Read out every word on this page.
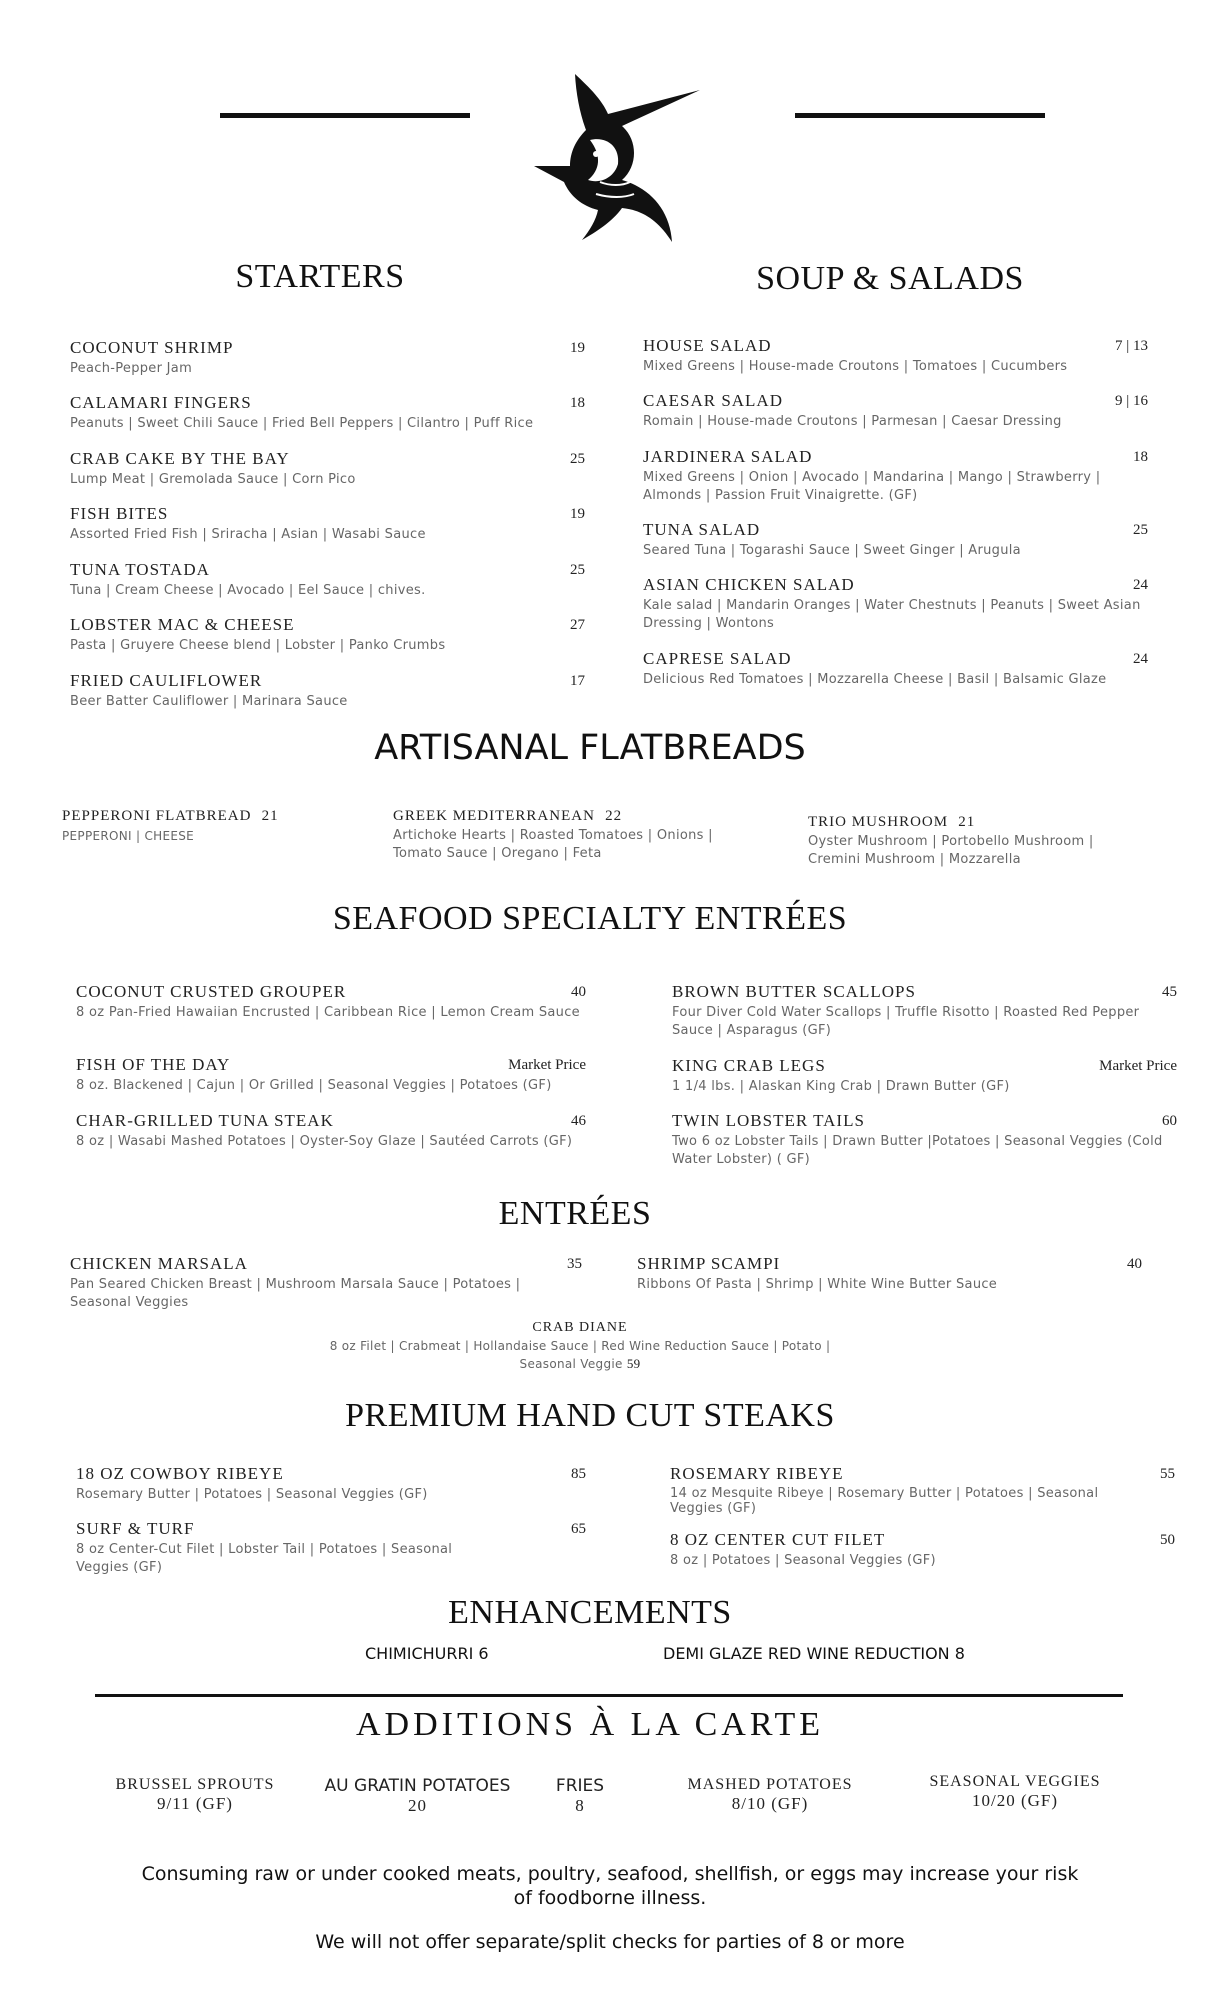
STARTERS
COCONUT SHRIMP	19
Peach-Pepper Jam
CALAMARI FINGERS	18
Peanuts | Sweet Chili Sauce | Fried Bell Peppers | Cilantro | Puff Rice
CRAB CAKE BY THE BAY	25
Lump Meat | Gremolada Sauce | Corn Pico
FISH BITES	19
Assorted Fried Fish | Sriracha | Asian | Wasabi Sauce
TUNA TOSTADA	25
Tuna | Cream Cheese | Avocado | Eel Sauce | chives.
LOBSTER MAC & CHEESE	27
Pasta | Gruyere Cheese blend | Lobster | Panko Crumbs
FRIED CAULIFLOWER	17
Beer Batter Cauliflower | Marinara Sauce
SOUP & SALADS
HOUSE SALAD	7 | 13
Mixed Greens | House-made Croutons | Tomatoes | Cucumbers
CAESAR SALAD	9 | 16
Romain | House-made Croutons | Parmesan | Caesar Dressing
JARDINERA SALAD	18
Mixed Greens | Onion | Avocado | Mandarina | Mango | Strawberry | Almonds | Passion Fruit Vinaigrette. (GF)
TUNA SALAD	25
Seared Tuna | Togarashi Sauce | Sweet Ginger | Arugula
ASIAN CHICKEN SALAD	24
Kale salad | Mandarin Oranges | Water Chestnuts | Peanuts | Sweet Asian Dressing | Wontons
CAPRESE SALAD	24
Delicious Red Tomatoes | Mozzarella Cheese | Basil | Balsamic Glaze
ARTISANAL FLATBREADS
PEPPERONI FLATBREAD 21
PEPPERONI | CHEESE
GREEK MEDITERRANEAN 22
Artichoke Hearts | Roasted Tomatoes | Onions | Tomato Sauce | Oregano | Feta
TRIO MUSHROOM 21
Oyster Mushroom | Portobello Mushroom | Cremini Mushroom | Mozzarella
SEAFOOD SPECIALTY ENTRÉES
COCONUT CRUSTED GROUPER	40
8 oz Pan-Fried Hawaiian Encrusted | Caribbean Rice | Lemon Cream Sauce
FISH OF THE DAY	Market Price
8 oz. Blackened | Cajun | Or Grilled | Seasonal Veggies | Potatoes (GF)
CHAR-GRILLED TUNA STEAK	46
8 oz | Wasabi Mashed Potatoes | Oyster-Soy Glaze | Sautéed Carrots (GF)
BROWN BUTTER SCALLOPS	45
Four Diver Cold Water Scallops | Truffle Risotto | Roasted Red Pepper Sauce | Asparagus (GF)
KING CRAB LEGS	Market Price
1 1/4 lbs. | Alaskan King Crab | Drawn Butter (GF)
TWIN LOBSTER TAILS	60
Two 6 oz Lobster Tails | Drawn Butter |Potatoes | Seasonal Veggies (Cold Water Lobster) ( GF)
ENTRÉES
CHICKEN MARSALA	35
Pan Seared Chicken Breast | Mushroom Marsala Sauce | Potatoes | Seasonal Veggies
SHRIMP SCAMPI	40
Ribbons Of Pasta | Shrimp | White Wine Butter Sauce
CRAB DIANE
8 oz Filet | Crabmeat | Hollandaise Sauce | Red Wine Reduction Sauce | Potato | Seasonal Veggie 59
PREMIUM HAND CUT STEAKS
18 OZ COWBOY RIBEYE	85
Rosemary Butter | Potatoes | Seasonal Veggies (GF)
SURF & TURF	65
8 oz Center-Cut Filet | Lobster Tail | Potatoes | Seasonal Veggies (GF)
ROSEMARY RIBEYE	55
14 oz Mesquite Ribeye | Rosemary Butter | Potatoes | Seasonal Veggies (GF)
8 OZ CENTER CUT FILET	50
8 oz | Potatoes | Seasonal Veggies (GF)
ENHANCEMENTS
CHIMICHURRI 6	DEMI GLAZE RED WINE REDUCTION 8
ADDITIONS À LA CARTE
BRUSSEL SPROUTS
9/11 (GF)
AU GRATIN POTATOES
20
FRIES
8
MASHED POTATOES
8/10 (GF)
SEASONAL VEGGIES
10/20 (GF)
Consuming raw or under cooked meats, poultry, seafood, shellfish, or eggs may increase your risk of foodborne illness.
We will not offer separate/split checks for parties of 8 or more
